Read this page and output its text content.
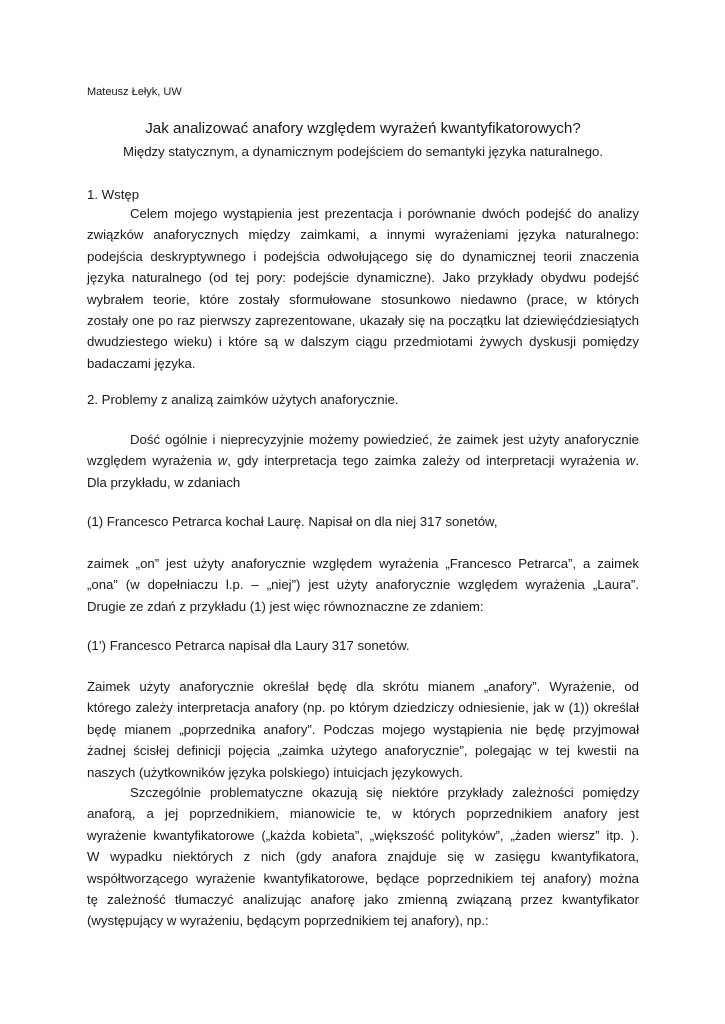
Mateusz Łełyk, UW
Jak analizować anafory względem wyrażeń kwantyfikatorowych?
Między statycznym, a dynamicznym podejściem do semantyki języka naturalnego.
1. Wstęp
Celem mojego wystąpienia jest prezentacja i porównanie dwóch podejść do analizy
związków anaforycznych między zaimkami, a innymi wyrażeniami języka naturalnego:
podejścia deskryptywnego i podejścia odwołującego się do dynamicznej teorii znaczenia
języka naturalnego (od tej pory: podejście dynamiczne). Jako przykłady obydwu podejść
wybrałem teorie, które zostały sformułowane stosunkowo niedawno (prace, w których
zostały one po raz pierwszy zaprezentowane, ukazały się na początku lat dziewięćdziesiątych
dwudziestego wieku) i które są w dalszym ciągu przedmiotami żywych dyskusji pomiędzy
badaczami języka.
2. Problemy z analizą zaimków użytych anaforycznie.
Dość ogólnie i nieprecyzyjnie możemy powiedzieć, że zaimek jest użyty anaforycznie
względem wyrażenia w, gdy interpretacja tego zaimka zależy od interpretacji wyrażenia w.
Dla przykładu, w zdaniach
(1) Francesco Petrarca kochał Laurę. Napisał on dla niej 317 sonetów,
zaimek „on” jest użyty anaforycznie względem wyrażenia „Francesco Petrarca”, a zaimek
„ona” (w dopełniaczu l.p. – „niej”) jest użyty anaforycznie względem wyrażenia „Laura”.
Drugie ze zdań z przykładu (1) jest więc równoznaczne ze zdaniem:
(1’) Francesco Petrarca napisał dla Laury 317 sonetów.
Zaimek użyty anaforycznie określał będę dla skrótu mianem „anafory”. Wyrażenie, od
którego zależy interpretacja anafory (np. po którym dziedziczy odniesienie, jak w (1)) określał
będę mianem „poprzednika anafory”. Podczas mojego wystąpienia nie będę przyjmował
żadnej ścisłej definicji pojęcia „zaimka użytego anaforycznie”, polegając w tej kwestii na
naszych (użytkowników języka polskiego) intuicjach językowych.
Szczególnie problematyczne okazują się niektóre przykłady zależności pomiędzy
anaforą, a jej poprzednikiem, mianowicie te, w których poprzednikiem anafory jest
wyrażenie kwantyfikatorowe („każda kobieta”, „większość polityków”, „żaden wiersz” itp. ).
W wypadku niektórych z nich (gdy anafora znajduje się w zasięgu kwantyfikatora,
współtworzącego wyrażenie kwantyfikatorowe, będące poprzednikiem tej anafory) można
tę zależność tłumaczyć analizując anaforę jako zmienną związaną przez kwantyfikator
(występujący w wyrażeniu, będącym poprzednikiem tej anafory), np.:
